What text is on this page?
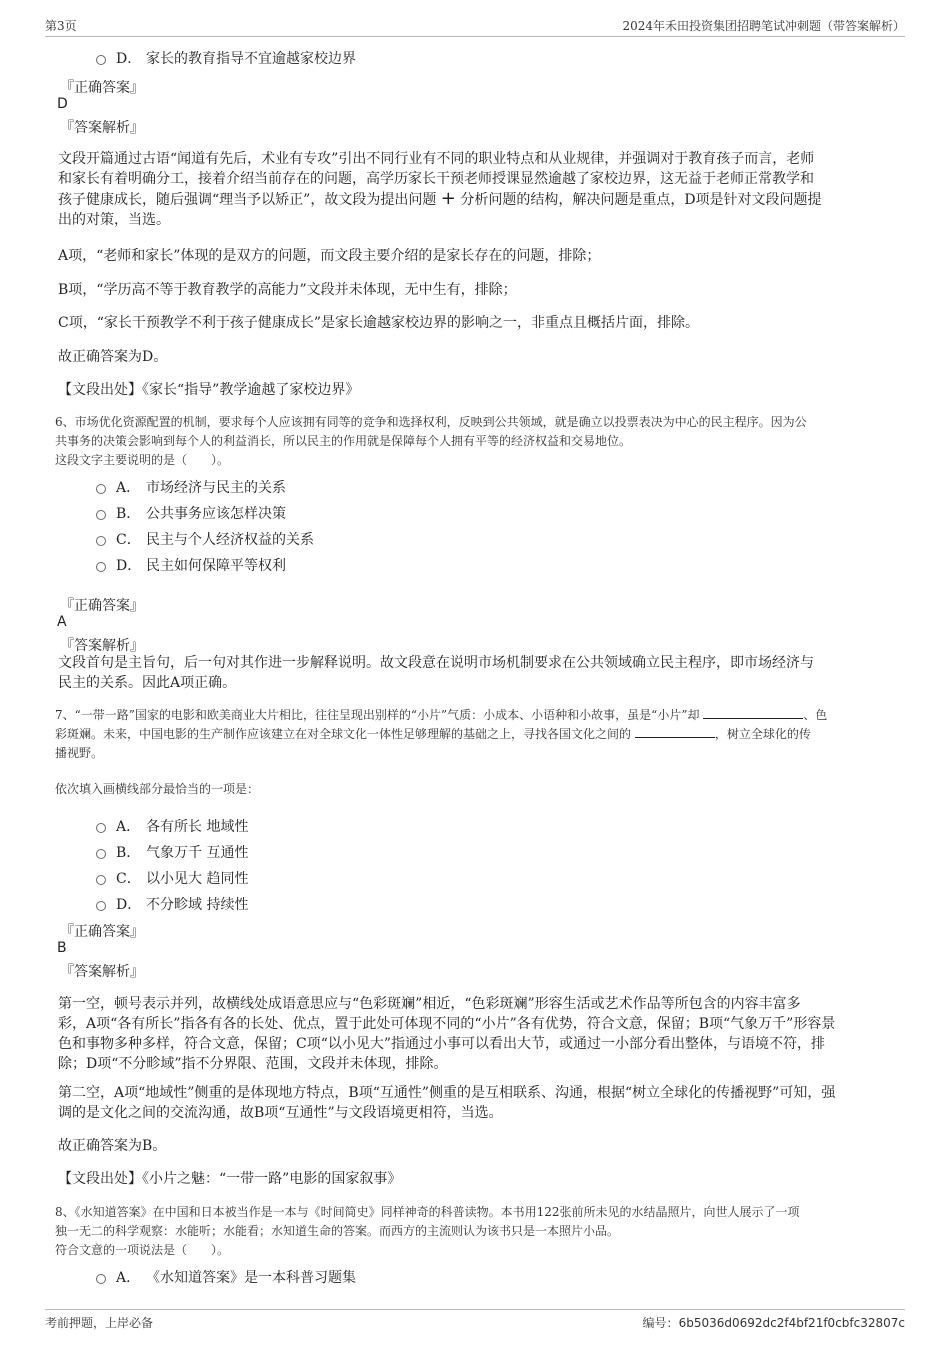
第3页	2024年禾田投资集团招聘笔试冲刺题（带答案解析）
D． 家长的教育指导不宜逾越家校边界
『正确答案』
D
『答案解析』
文段开篇通过古语“闻道有先后，术业有专攻”引出不同行业有不同的职业特点和从业规律，并强调对于教育孩子而言，老师
和家长有着明确分工，接着介绍当前存在的问题，高学历家长干预老师授课显然逾越了家校边界，这无益于老师正常教学和
孩子健康成长，随后强调“理当予以矫正”，故文段为提出问题 + 分析问题的结构，解决问题是重点，D项是针对文段问题提
出的对策，当选。
A项，“老师和家长”体现的是双方的问题，而文段主要介绍的是家长存在的问题，排除；
B项，“学历高不等于教育教学的高能力”文段并未体现，无中生有，排除；
C项，“家长干预教学不利于孩子健康成长”是家长逾越家校边界的影响之一，非重点且概括片面，排除。
故正确答案为D。
【文段出处】《家长“指导”教学逾越了家校边界》
6、市场优化资源配置的机制，要求每个人应该拥有同等的竞争和选择权利，反映到公共领域，就是确立以投票表决为中心的民主程序。因为公
共事务的决策会影响到每个人的利益消长，所以民主的作用就是保障每个人拥有平等的经济权益和交易地位。
这段文字主要说明的是（　　）。
A． 市场经济与民主的关系
B． 公共事务应该怎样决策
C． 民主与个人经济权益的关系
D． 民主如何保障平等权利
『正确答案』
A
『答案解析』
文段首句是主旨句，后一句对其作进一步解释说明。故文段意在说明市场机制要求在公共领域确立民主程序，即市场经济与
民主的关系。因此A项正确。
7、“一带一路”国家的电影和欧美商业大片相比，往往呈现出别样的“小片”气质：小成本、小语种和小故事，虽是“小片”却	、色
彩斑斓。未来，中国电影的生产制作应该建立在对全球文化一体性足够理解的基础之上，寻找各国文化之间的	，树立全球化的传
播视野。
依次填入画横线部分最恰当的一项是：
A． 各有所长 地域性
B． 气象万千 互通性
C． 以小见大 趋同性
D． 不分畛域 持续性
『正确答案』
B
『答案解析』
第一空，顿号表示并列，故横线处成语意思应与“色彩斑斓”相近，“色彩斑斓”形容生活或艺术作品等所包含的内容丰富多
彩，A项“各有所长”指各有各的长处、优点，置于此处可体现不同的“小片”各有优势，符合文意，保留；B项“气象万千”形容景
色和事物多种多样，符合文意，保留；C项“以小见大”指通过小事可以看出大节，或通过一小部分看出整体，与语境不符，排
除；D项“不分畛域”指不分界限、范围，文段并未体现，排除。
第二空，A项“地域性”侧重的是体现地方特点，B项“互通性”侧重的是互相联系、沟通，根据“树立全球化的传播视野”可知，强
调的是文化之间的交流沟通，故B项“互通性”与文段语境更相符，当选。
故正确答案为B。
【文段出处】《小片之魅：“一带一路”电影的国家叙事》
8、《水知道答案》在中国和日本被当作是一本与《时间简史》同样神奇的科普读物。本书用122张前所未见的水结晶照片，向世人展示了一项
独一无二的科学观察：水能听；水能看；水知道生命的答案。而西方的主流则认为该书只是一本照片小品。
符合文意的一项说法是（　　）。
A． 《水知道答案》是一本科普习题集
考前押题，上岸必备	编号：6b5036d0692dc2f4bf21f0cbfc32807c
